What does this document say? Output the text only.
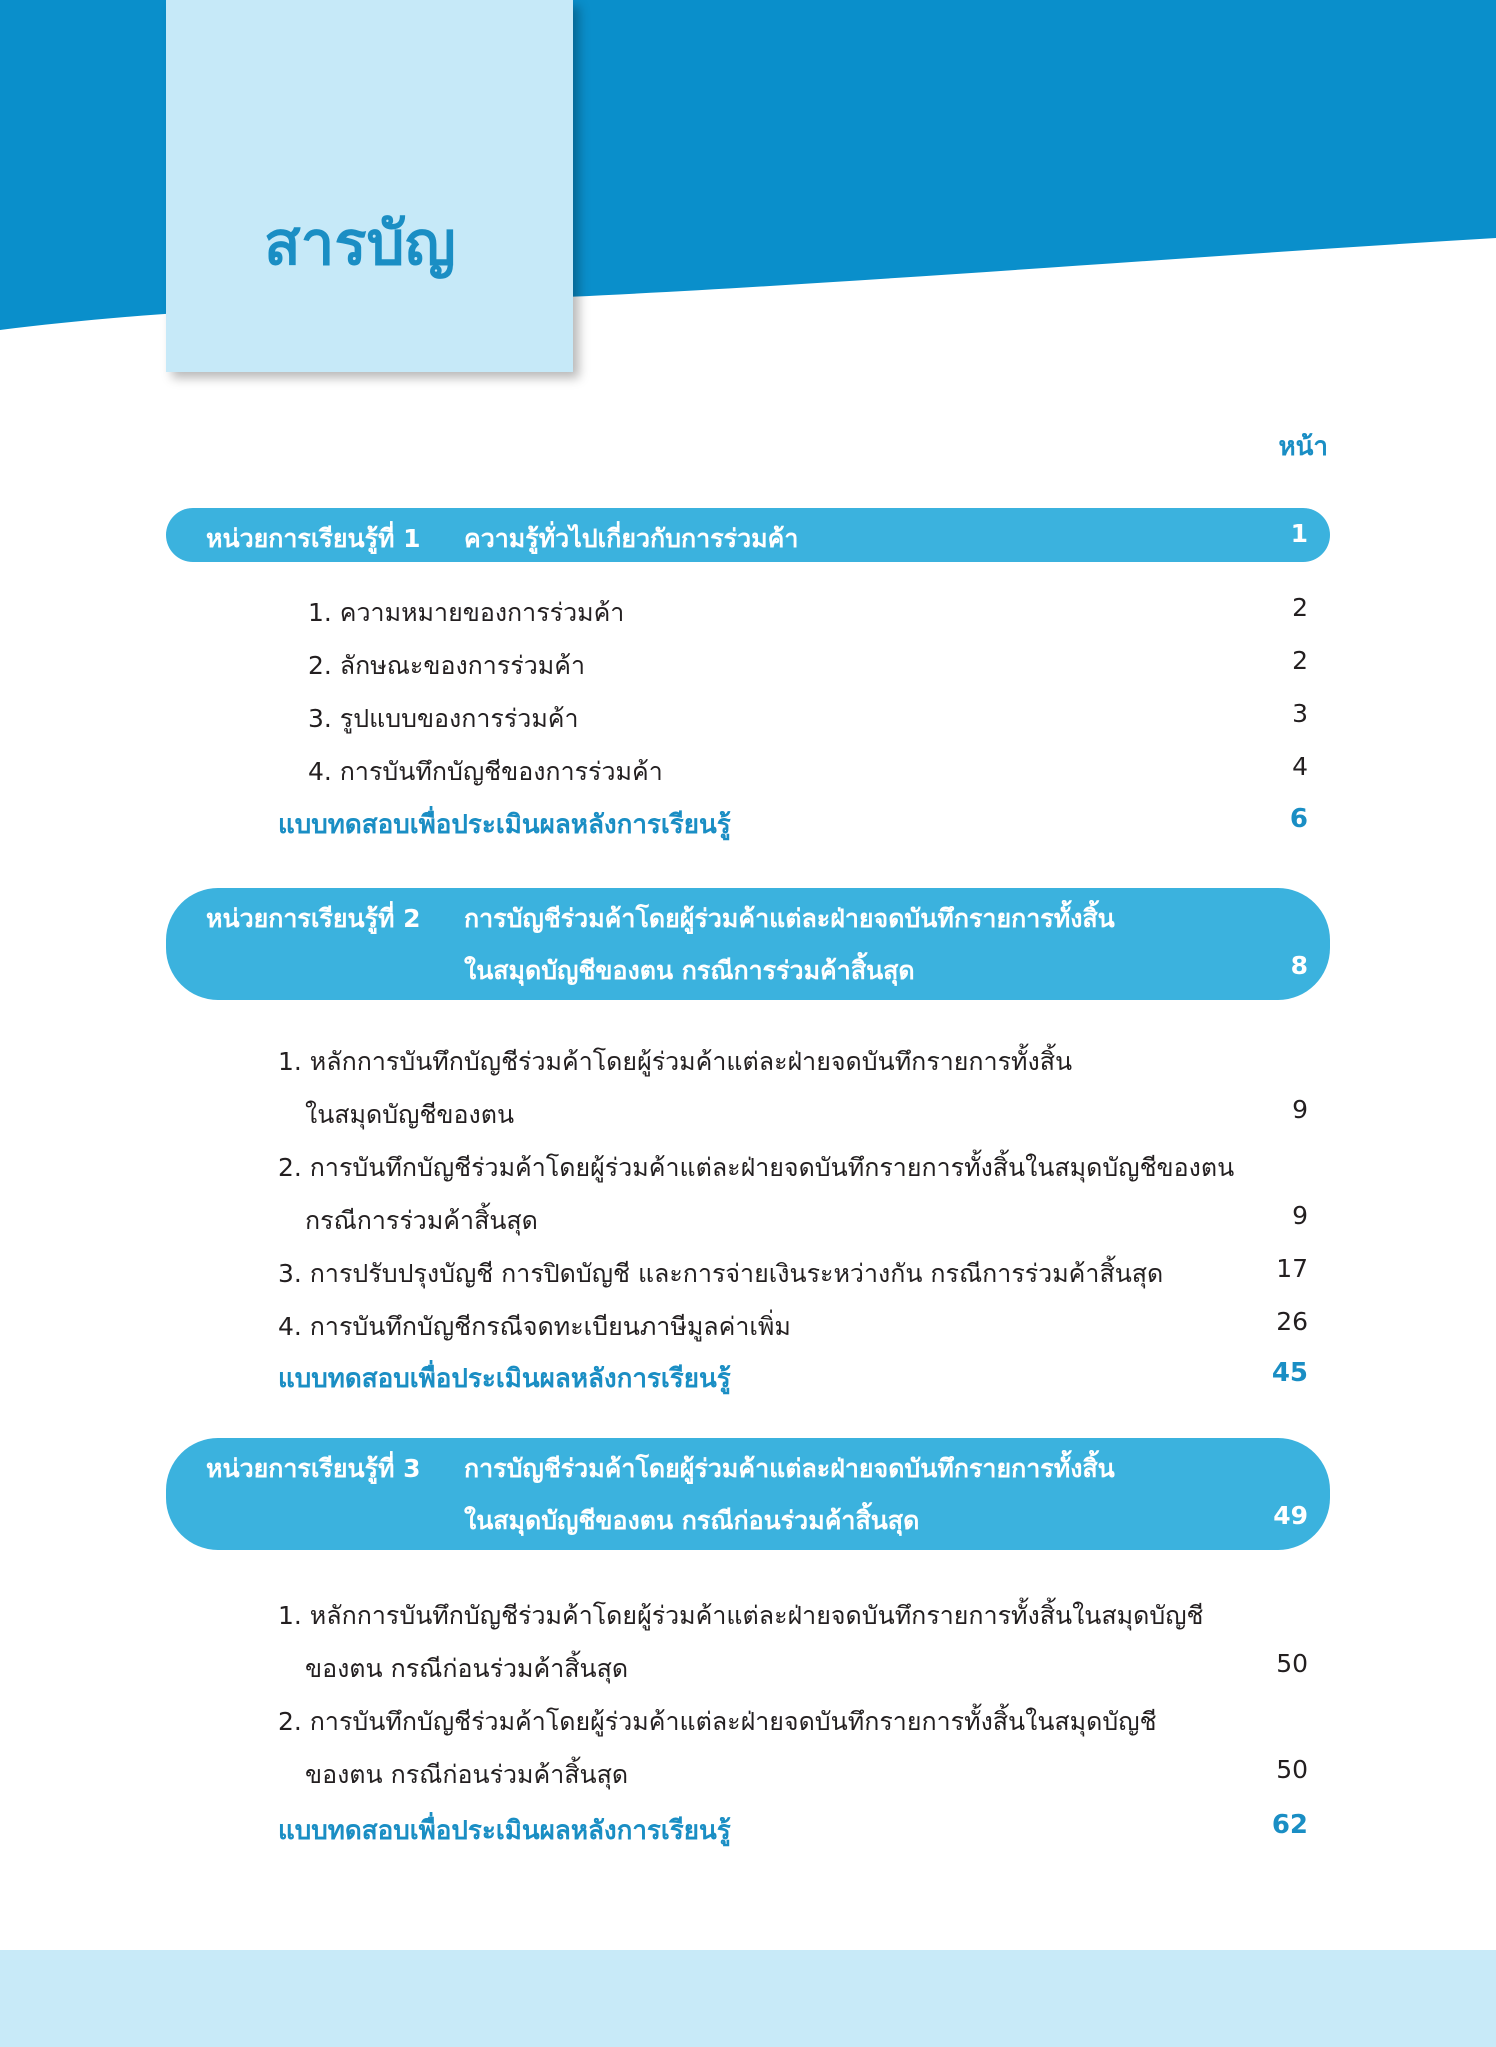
สารบัญ
หน้า
หน่วยการเรียนรู้ที่ 1 ความรู้ทั่วไปเกี่ยวกับการร่วมค้า	1
1. ความหมายของการร่วมค้า	2
2. ลักษณะของการร่วมค้า	2
3. รูปแบบของการร่วมค้า	3
4. การบันทึกบัญชีของการร่วมค้า	4
แบบทดสอบเพื่อประเมินผลหลังการเรียนรู้	6
หน่วยการเรียนรู้ที่ 2 การบัญชีร่วมค้าโดยผู้ร่วมค้าแต่ละฝ่ายจดบันทึกรายการทั้งสิ้น
ในสมุดบัญชีของตน กรณีการร่วมค้าสิ้นสุด	8
1. หลักการบันทึกบัญชีร่วมค้าโดยผู้ร่วมค้าแต่ละฝ่ายจดบันทึกรายการทั้งสิ้น
ในสมุดบัญชีของตน	9
2. การบันทึกบัญชีร่วมค้าโดยผู้ร่วมค้าแต่ละฝ่ายจดบันทึกรายการทั้งสิ้นในสมุดบัญชีของตน
กรณีการร่วมค้าสิ้นสุด	9
3. การปรับปรุงบัญชี การปิดบัญชี และการจ่ายเงินระหว่างกัน กรณีการร่วมค้าสิ้นสุด	17
4. การบันทึกบัญชีกรณีจดทะเบียนภาษีมูลค่าเพิ่ม	26
แบบทดสอบเพื่อประเมินผลหลังการเรียนรู้	45
หน่วยการเรียนรู้ที่ 3 การบัญชีร่วมค้าโดยผู้ร่วมค้าแต่ละฝ่ายจดบันทึกรายการทั้งสิ้น
ในสมุดบัญชีของตน กรณีก่อนร่วมค้าสิ้นสุด	49
1. หลักการบันทึกบัญชีร่วมค้าโดยผู้ร่วมค้าแต่ละฝ่ายจดบันทึกรายการทั้งสิ้นในสมุดบัญชี
ของตน กรณีก่อนร่วมค้าสิ้นสุด	50
2. การบันทึกบัญชีร่วมค้าโดยผู้ร่วมค้าแต่ละฝ่ายจดบันทึกรายการทั้งสิ้นในสมุดบัญชี
ของตน กรณีก่อนร่วมค้าสิ้นสุด	50
แบบทดสอบเพื่อประเมินผลหลังการเรียนรู้	62
